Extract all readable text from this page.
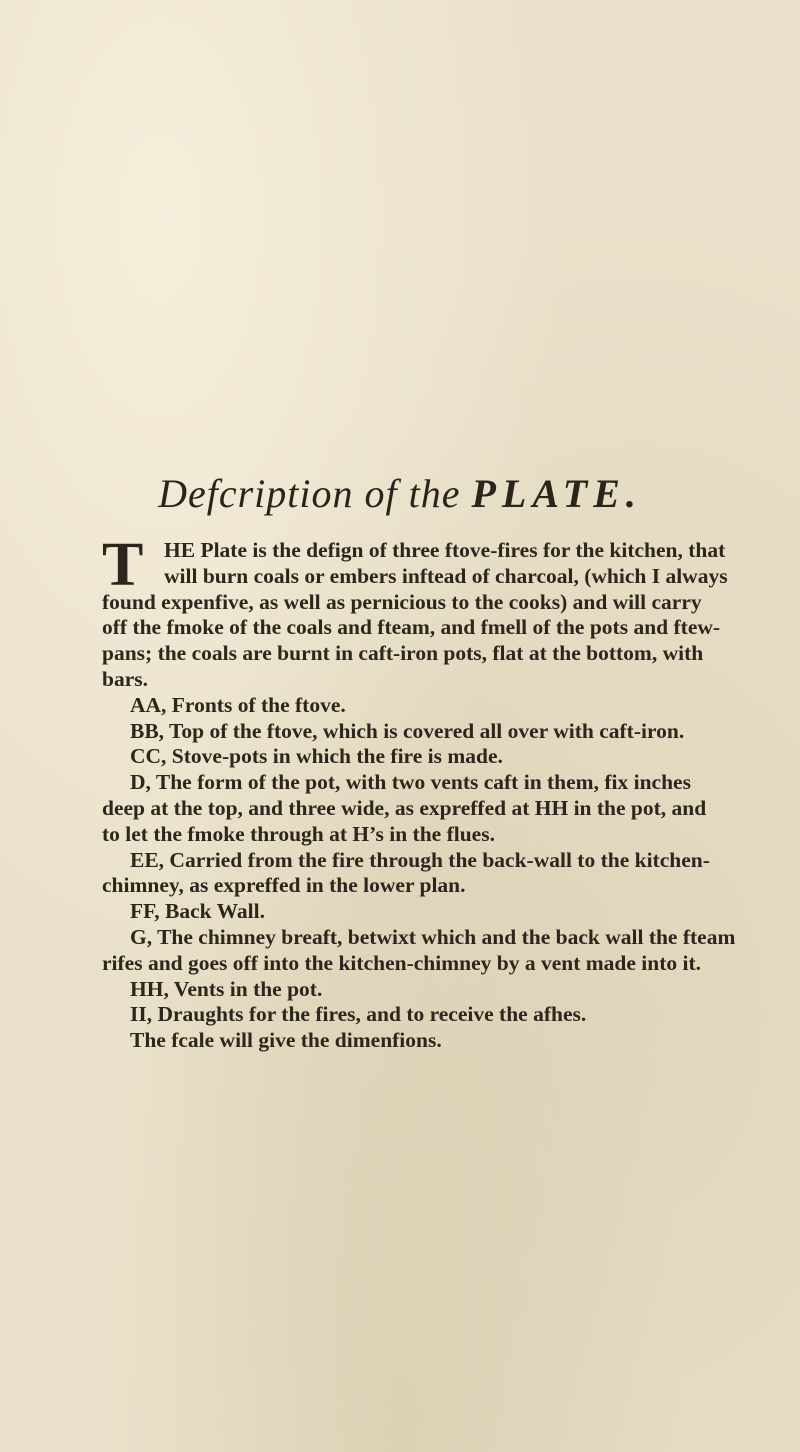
Defcription of the PLATE.
T HE Plate is the defign of three ftove-fires for the kitchen, that
will burn coals or embers inftead of charcoal, (which I always
found expenfive, as well as pernicious to the cooks) and will carry
off the fmoke of the coals and fteam, and fmell of the pots and ftew-
pans; the coals are burnt in caft-iron pots, flat at the bottom, with
bars.
AA, Fronts of the ftove.
BB, Top of the ftove, which is covered all over with caft-iron.
CC, Stove-pots in which the fire is made.
D, The form of the pot, with two vents caft in them, fix inches
deep at the top, and three wide, as expreffed at HH in the pot, and
to let the fmoke through at H’s in the flues.
EE, Carried from the fire through the back-wall to the kitchen-
chimney, as expreffed in the lower plan.
FF, Back Wall.
G, The chimney breaft, betwixt which and the back wall the fteam
rifes and goes off into the kitchen-chimney by a vent made into it.
HH, Vents in the pot.
II, Draughts for the fires, and to receive the afhes.
The fcale will give the dimenfions.
